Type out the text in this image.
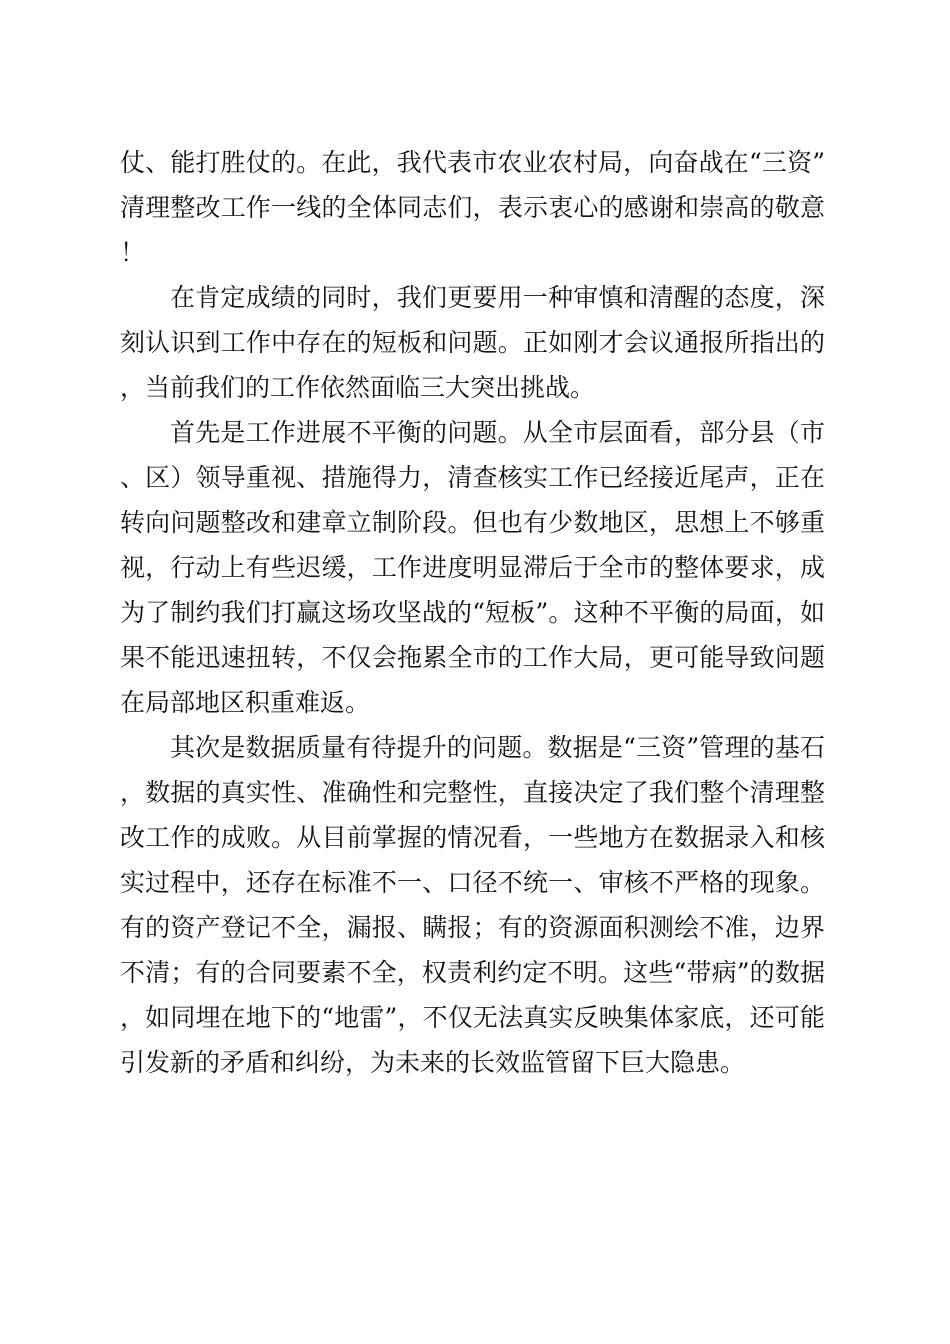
仗、能打胜仗的。在此，我代表市农业农村局，向奋战在“三资”清理整改工作一线的全体同志们，表示衷心的感谢和崇高的敬意！

在肯定成绩的同时，我们更要用一种审慎和清醒的态度，深刻认识到工作中存在的短板和问题。正如刚才会议通报所指出的，当前我们的工作依然面临三大突出挑战。

首先是工作进展不平衡的问题。从全市层面看，部分县（市、区）领导重视、措施得力，清查核实工作已经接近尾声，正在转向问题整改和建章立制阶段。但也有少数地区，思想上不够重视，行动上有些迟缓，工作进度明显滞后于全市的整体要求，成为了制约我们打赢这场攻坚战的“短板”。这种不平衡的局面，如果不能迅速扭转，不仅会拖累全市的工作大局，更可能导致问题在局部地区积重难返。

其次是数据质量有待提升的问题。数据是“三资”管理的基石，数据的真实性、准确性和完整性，直接决定了我们整个清理整改工作的成败。从目前掌握的情况看，一些地方在数据录入和核实过程中，还存在标准不一、口径不统一、审核不严格的现象。有的资产登记不全，漏报、瞒报；有的资源面积测绘不准，边界不清；有的合同要素不全，权责利约定不明。这些“带病”的数据，如同埋在地下的“地雷”，不仅无法真实反映集体家底，还可能引发新的矛盾和纠纷，为未来的长效监管留下巨大隐患。
